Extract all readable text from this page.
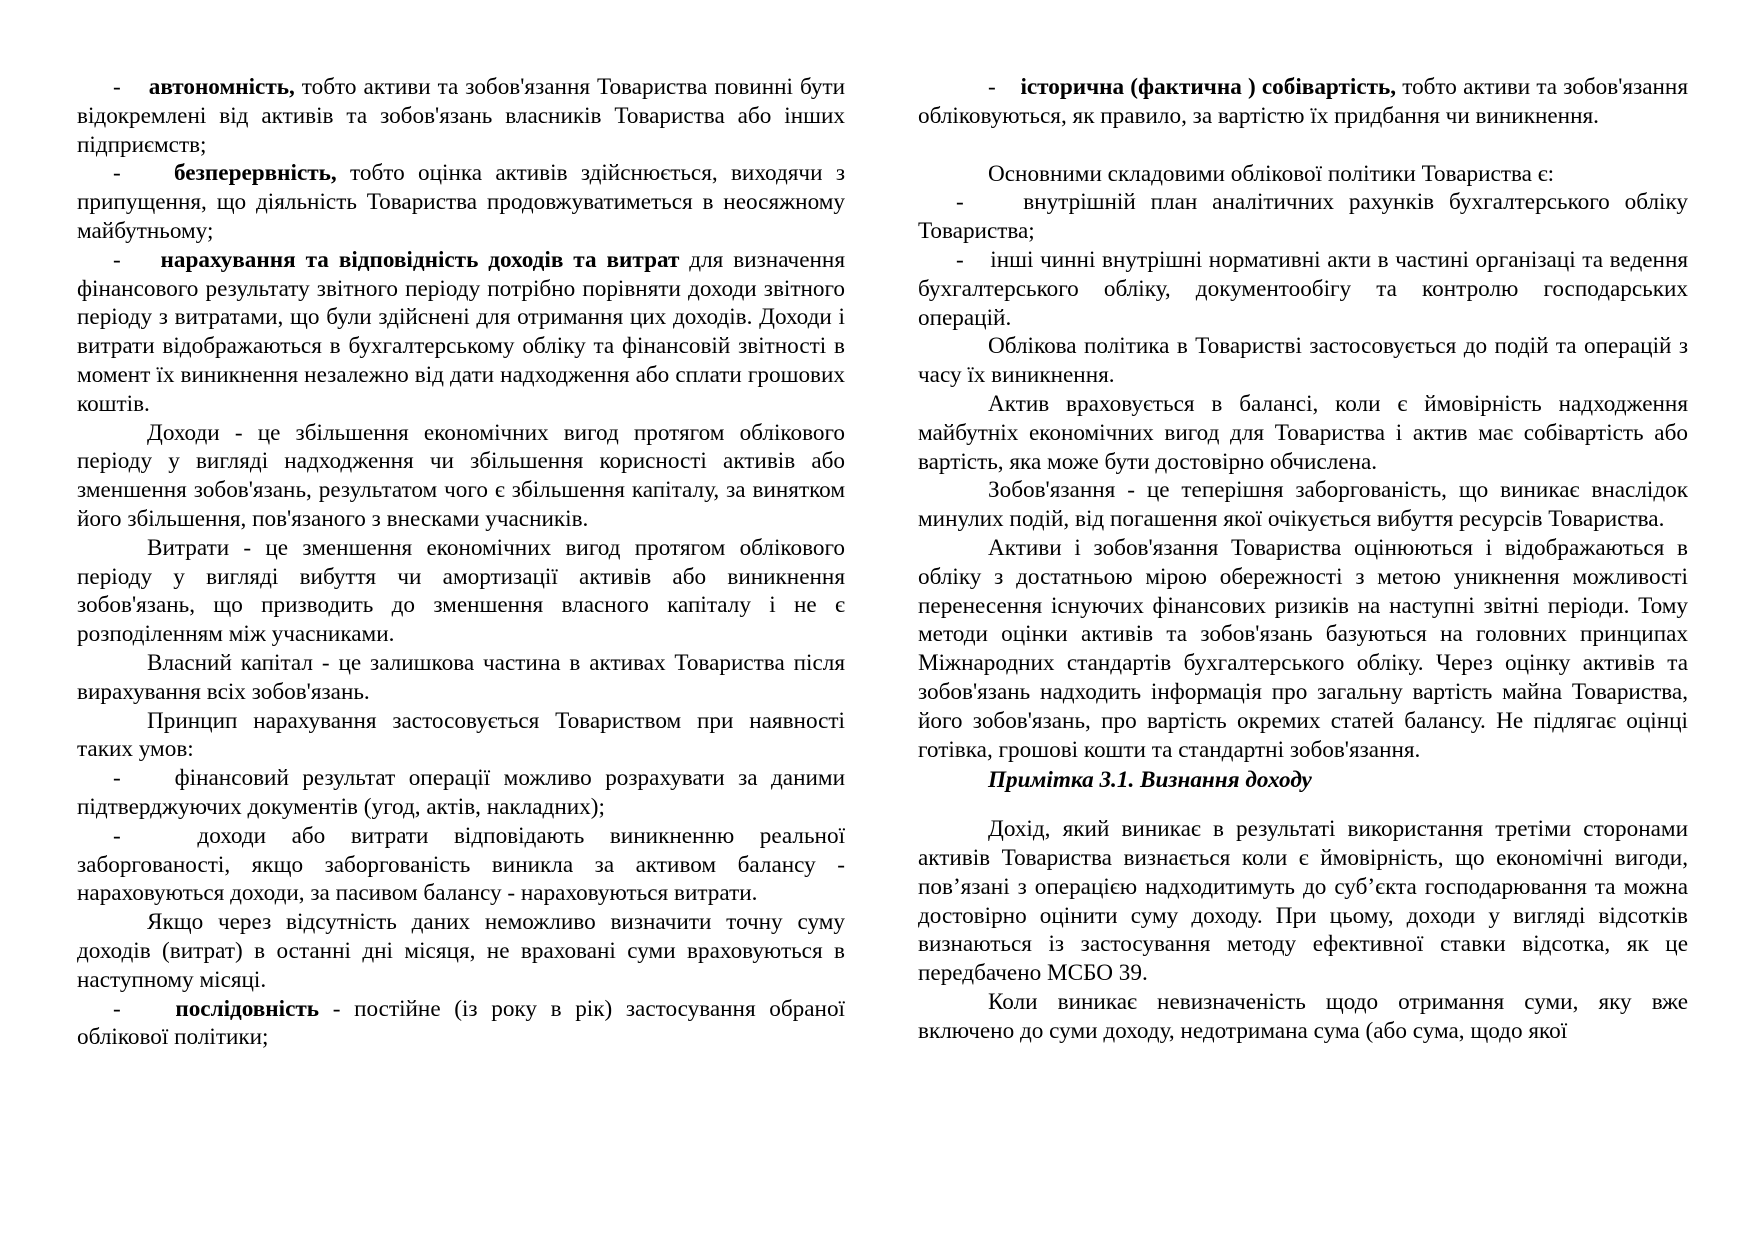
- автономність, тобто активи та зобов'язання Товариства повинні бути відокремлені від активів та зобов'язань власників Товариства або інших підприємств;

- безперервність, тобто оцінка активів здійснюється, виходячи з припущення, що діяльність Товариства продовжуватиметься в неосяжному майбутньому;

- нарахування та відповідність доходів та витрат для визначення фінансового результату звітного періоду потрібно порівняти доходи звітного періоду з витратами, що були здійснені для отримання цих доходів. Доходи і витрати відображаються в бухгалтерському обліку та фінансовій звітності в момент їх виникнення незалежно від дати надходження або сплати грошових коштів.

Доходи - це збільшення економічних вигод протягом облікового періоду у вигляді надходження чи збільшення корисності активів або зменшення зобов'язань, результатом чого є збільшення капіталу, за винятком його збільшення, пов'язаного з внесками учасників.

Витрати - це зменшення економічних вигод протягом облікового періоду у вигляді вибуття чи амортизації активів або виникнення зобов'язань, що призводить до зменшення власного капіталу і не є розподіленням між учасниками.

Власний капітал - це залишкова частина в активах Товариства після вирахування всіх зобов'язань.

Принцип нарахування застосовується Товариством при наявності таких умов:

- фінансовий результат операції можливо розрахувати за даними підтверджуючих документів (угод, актів, накладних);

-	доходи або витрати відповідають виникненню реальної заборгованості, якщо заборгованість виникла за активом балансу - нараховуються доходи, за пасивом балансу - нараховуються витрати.

Якщо через відсутність даних неможливо визначити точну суму доходів (витрат) в останні дні місяця, не враховані суми враховуються в наступному місяці.

- послідовність - постійне (із року в рік) застосування обраної облікової політики;

- історична (фактична ) собівартість, тобто активи та зобов'язання обліковуються, як правило, за вартістю їх придбання чи виникнення.

Основними складовими облікової політики Товариства є:

-	внутрішній план аналітичних рахунків бухгалтерського обліку Товариства;

- інші чинні внутрішні нормативні акти в частині організаці та ведення бухгалтерського обліку, документообігу та контролю господарських операцій.

Облікова політика в Товаристві застосовується до подій та операцій з часу їх виникнення.

Актив враховується в балансі, коли є ймовірність надходження майбутніх економічних вигод для Товариства і актив має собівартість або вартість, яка може бути достовірно обчислена.

Зобов'язання - це теперішня заборгованість, що виникає внаслідок минулих подій, від погашення якої очікується вибуття ресурсів Товариства.

Активи і зобов'язання Товариства оцінюються і відображаються в обліку з достатньою мірою обережності з метою уникнення можливості перенесення існуючих фінансових ризиків на наступні звітні періоди. Тому методи оцінки активів та зобов'язань базуються на головних принципах Міжнародних стандартів бухгалтерського обліку. Через оцінку активів та зобов'язань надходить інформація про загальну вартість майна Товариства, його зобов'язань, про вартість окремих статей балансу. Не підлягає оцінці готівка, грошові кошти та стандартні зобов'язання.

Примітка 3.1. Визнання доходу

Дохід, який виникає в результаті використання третіми сторонами активів Товариства визнається коли є ймовірність, що економічні вигоди, пов’язані з операцією надходитимуть до суб’єкта господарювання та можна достовірно оцінити суму доходу. При цьому, доходи у вигляді відсотків визнаються із застосування методу ефективної ставки відсотка, як це передбачено МСБО 39.

Коли виникає невизначеність щодо отримання суми, яку вже включено до суми доходу, недотримана сума (або сума, щодо якої
